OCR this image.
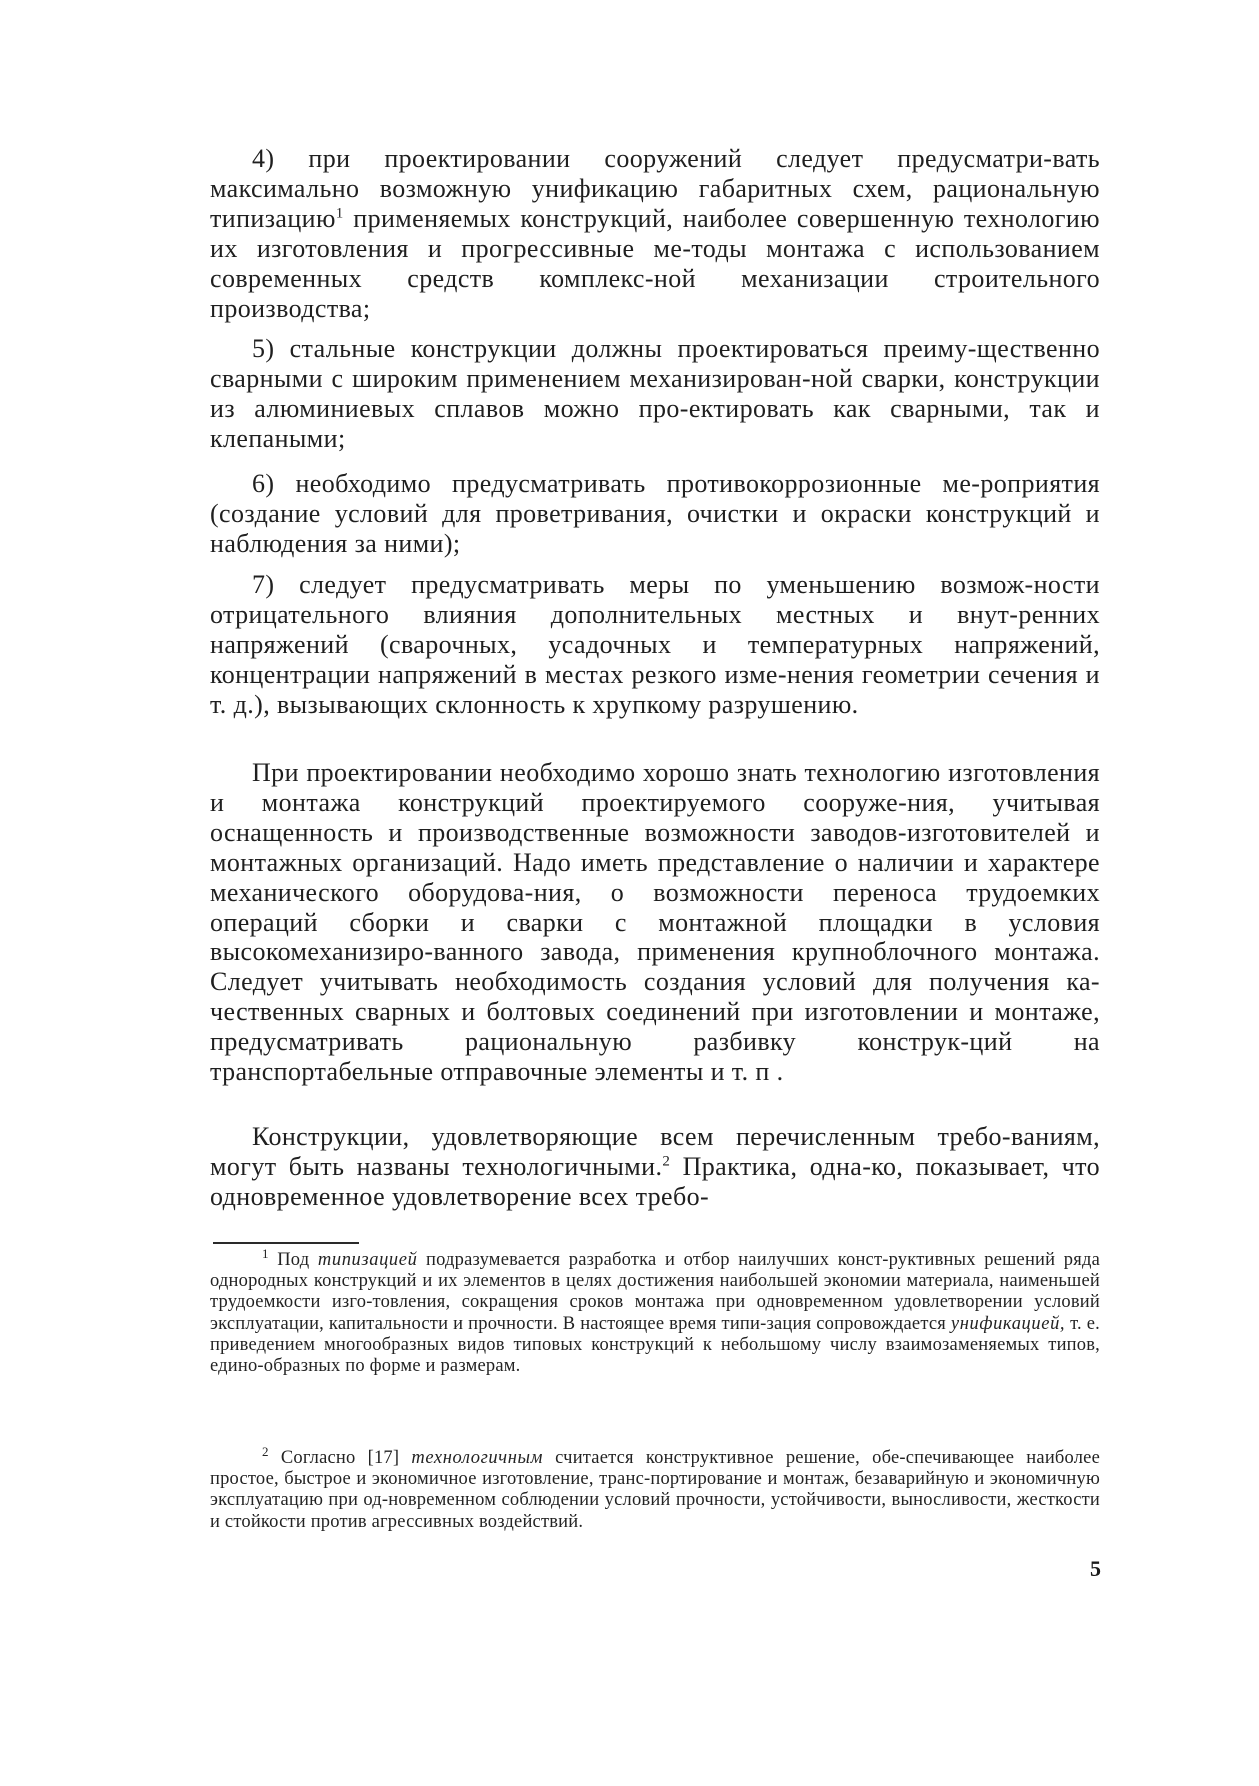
4) при проектировании сооружений следует предусматри-вать максимально возможную унификацию габаритных схем, рациональную типизацию$^1$ применяемых конструкций, наиболее совершенную технологию их изготовления и прогрессивные ме-тоды монтажа с использованием современных средств комплекс-ной механизации строительного производства;

5) стальные конструкции должны проектироваться преиму-щественно сварными с широким применением механизирован-ной сварки, конструкции из алюминиевых сплавов можно про-ектировать как сварными, так и клепаными;

6) необходимо предусматривать противокоррозионные ме-роприятия (создание условий для проветривания, очистки и окраски конструкций и наблюдения за ними);

7) следует предусматривать меры по уменьшению возмож-ности отрицательного влияния дополнительных местных и внут-ренних напряжений (сварочных, усадочных и температурных напряжений, концентрации напряжений в местах резкого изме-нения геометрии сечения и т. д.), вызывающих склонность к хрупкому разрушению.

При проектировании необходимо хорошо знать технологию изготовления и монтажа конструкций проектируемого сооруже-ния, учитывая оснащенность и производственные возможности заводов-изготовителей и монтажных организаций. Надо иметь представление о наличии и характере механического оборудова-ния, о возможности переноса трудоемких операций сборки и сварки с монтажной площадки в условия высокомеханизиро-ванного завода, применения крупноблочного монтажа. Следует учитывать необходимость создания условий для получения ка-чественных сварных и болтовых соединений при изготовлении и монтаже, предусматривать рациональную разбивку конструк-ций на транспортабельные отправочные элементы и т. п .

Конструкции, удовлетворяющие всем перечисленным требо-ваниям, могут быть названы технологичными.$^2$ Практика, одна-ко, показывает, что одновременное удовлетворение всех требо-

$^1$ Под типизацией подразумевается разработка и отбор наилучших конст-руктивных решений ряда однородных конструкций и их элементов в целях достижения наибольшей экономии материала, наименьшей трудоемкости изго-товления, сокращения сроков монтажа при одновременном удовлетворении условий эксплуатации, капитальности и прочности. В настоящее время типи-зация сопровождается унификацией, т. е. приведением многообразных видов типовых конструкций к небольшому числу взаимозаменяемых типов, едино-образных по форме и размерам.

$^2$ Согласно [17] технологичным считается конструктивное решение, обе-спечивающее наиболее простое, быстрое и экономичное изготовление, транс-портирование и монтаж, безаварийную и экономичную эксплуатацию при од-новременном соблюдении условий прочности, устойчивости, выносливости, жесткости и стойкости против агрессивных воздействий.

5
